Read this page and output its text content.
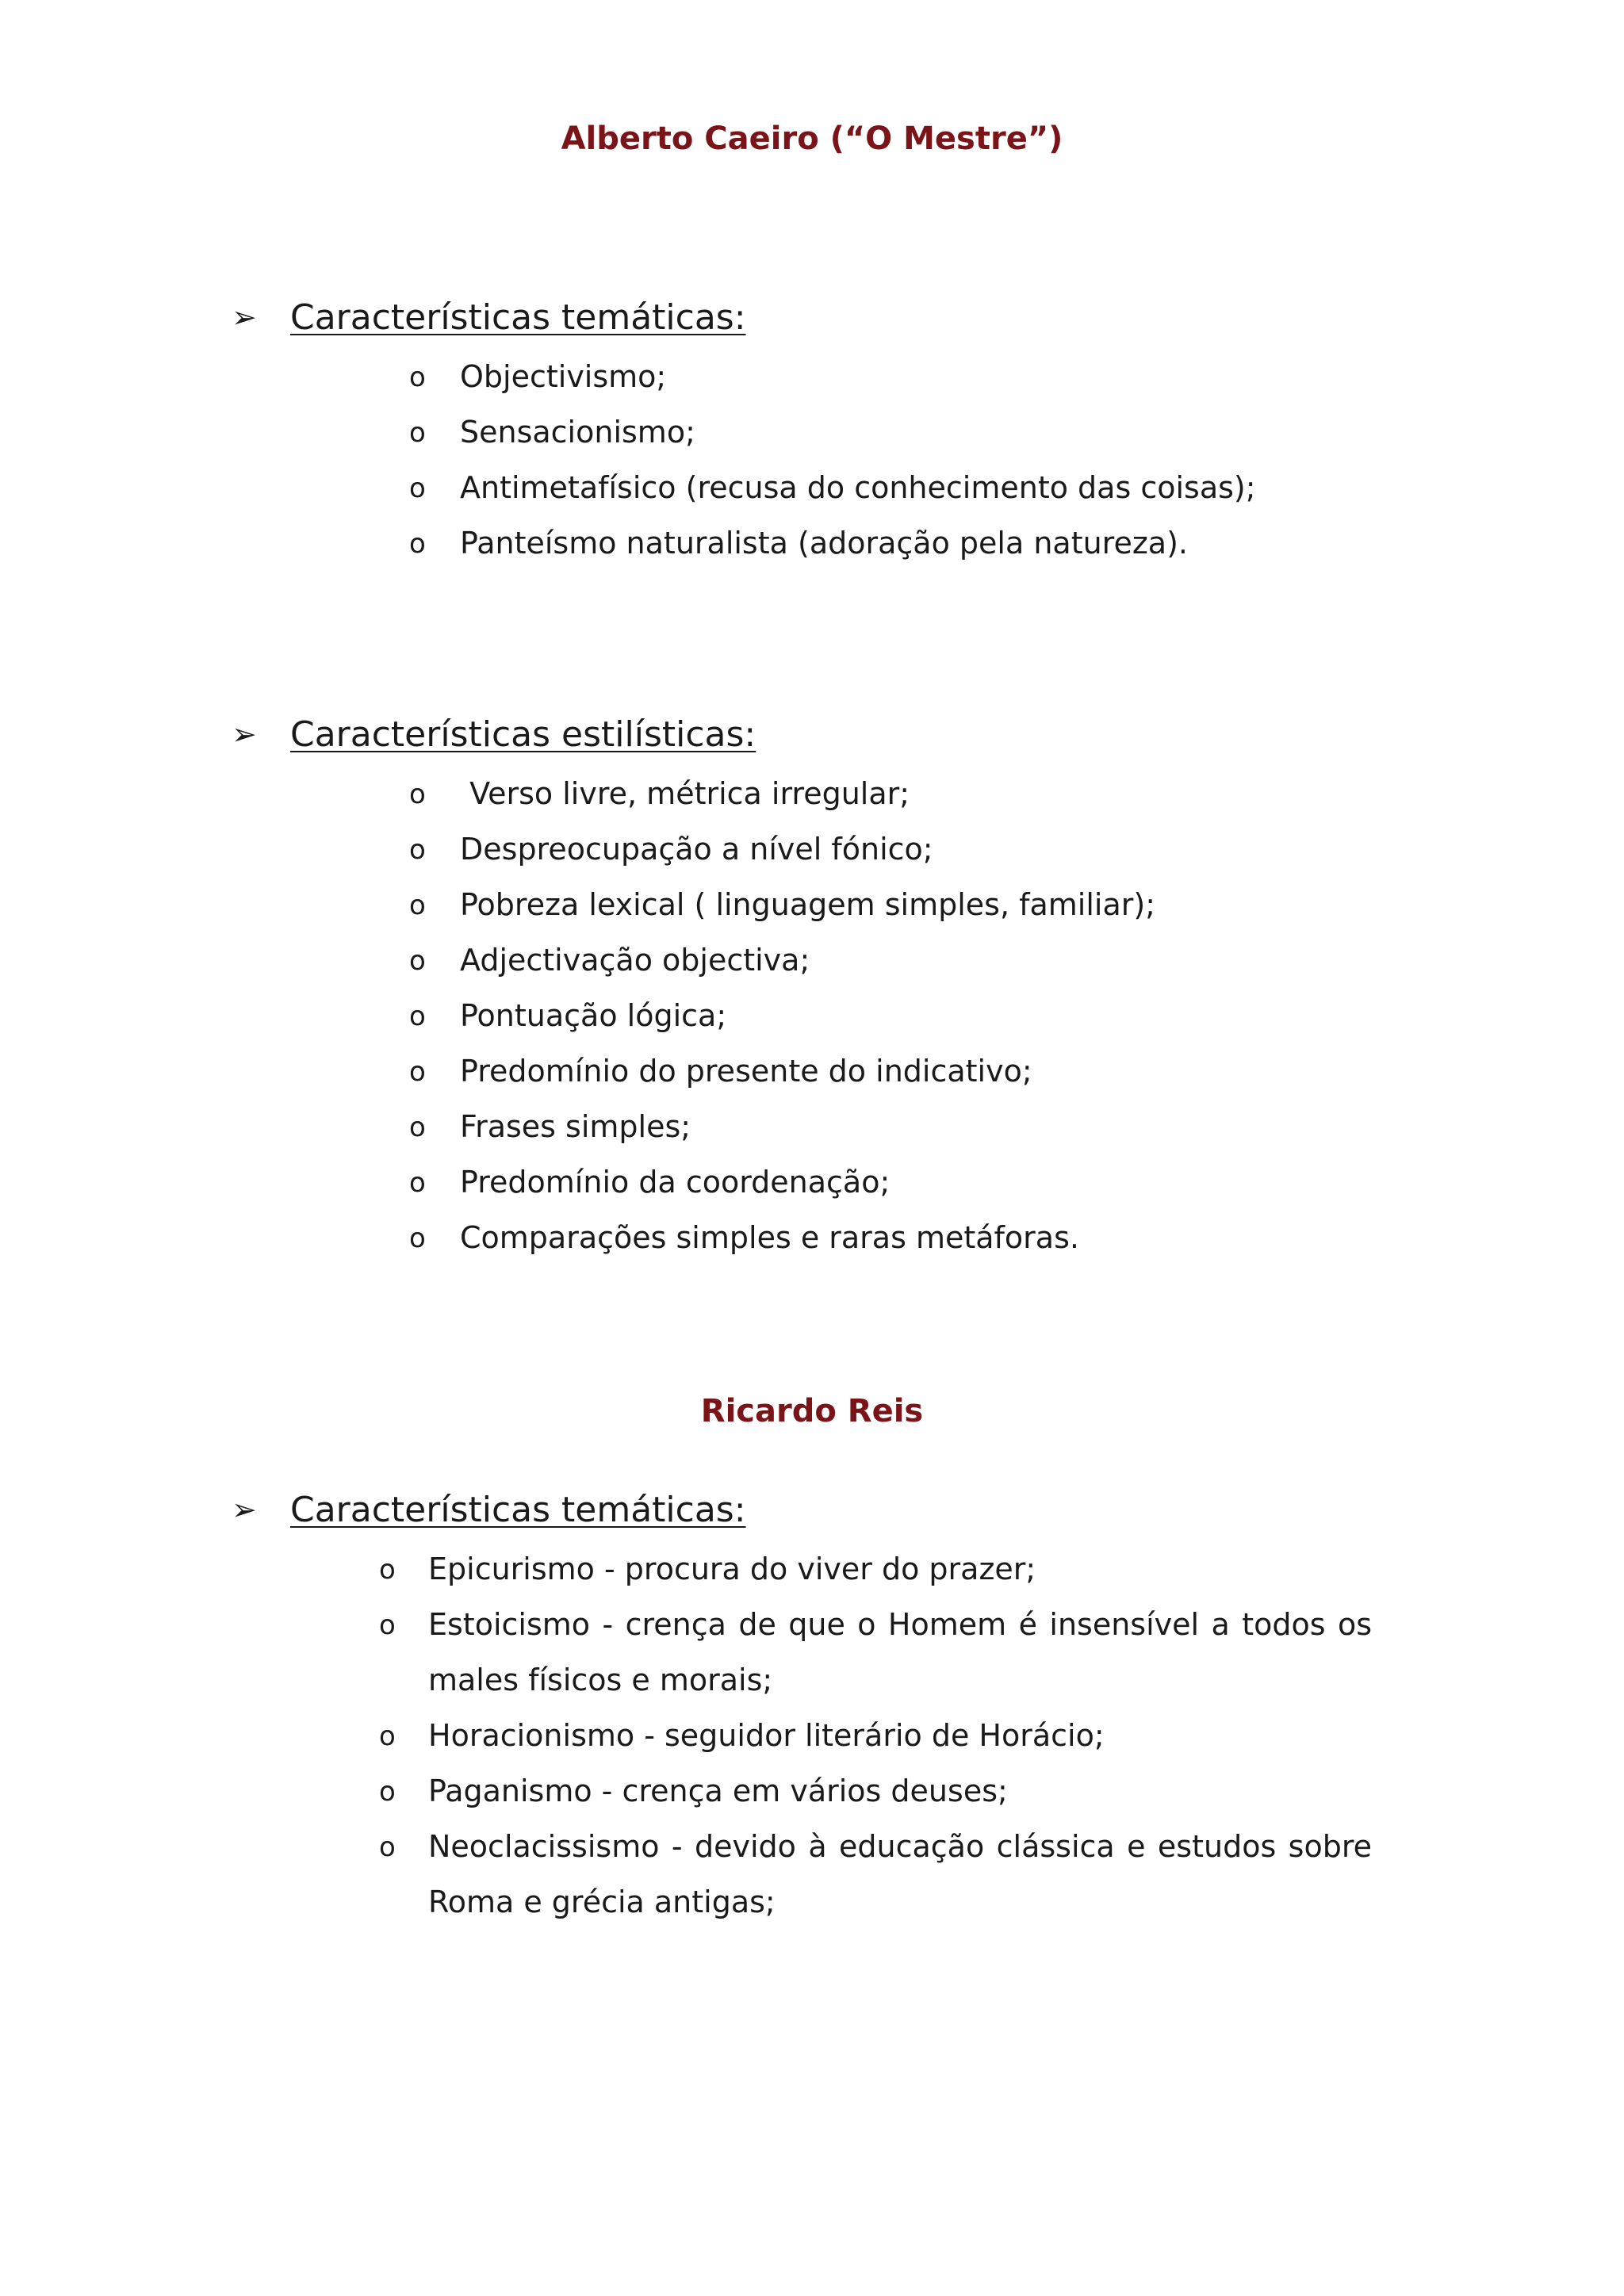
Alberto Caeiro (“O Mestre”)
➢ Características temáticas:
o Objectivismo;
o Sensacionismo;
o Antimetafísico (recusa do conhecimento das coisas);
o Panteísmo naturalista (adoração pela natureza).
➢ Características estilísticas:
o Verso livre, métrica irregular;
o Despreocupação a nível fónico;
o Pobreza lexical ( linguagem simples, familiar);
o Adjectivação objectiva;
o Pontuação lógica;
o Predomínio do presente do indicativo;
o Frases simples;
o Predomínio da coordenação;
o Comparações simples e raras metáforas.
Ricardo Reis
➢ Características temáticas:
o Epicurismo - procura do viver do prazer;
o Estoicismo - crença de que o Homem é insensível a todos os males físicos e morais;
o Horacionismo - seguidor literário de Horácio;
o Paganismo - crença em vários deuses;
o Neoclacissismo - devido à educação clássica e estudos sobre Roma e grécia antigas;
